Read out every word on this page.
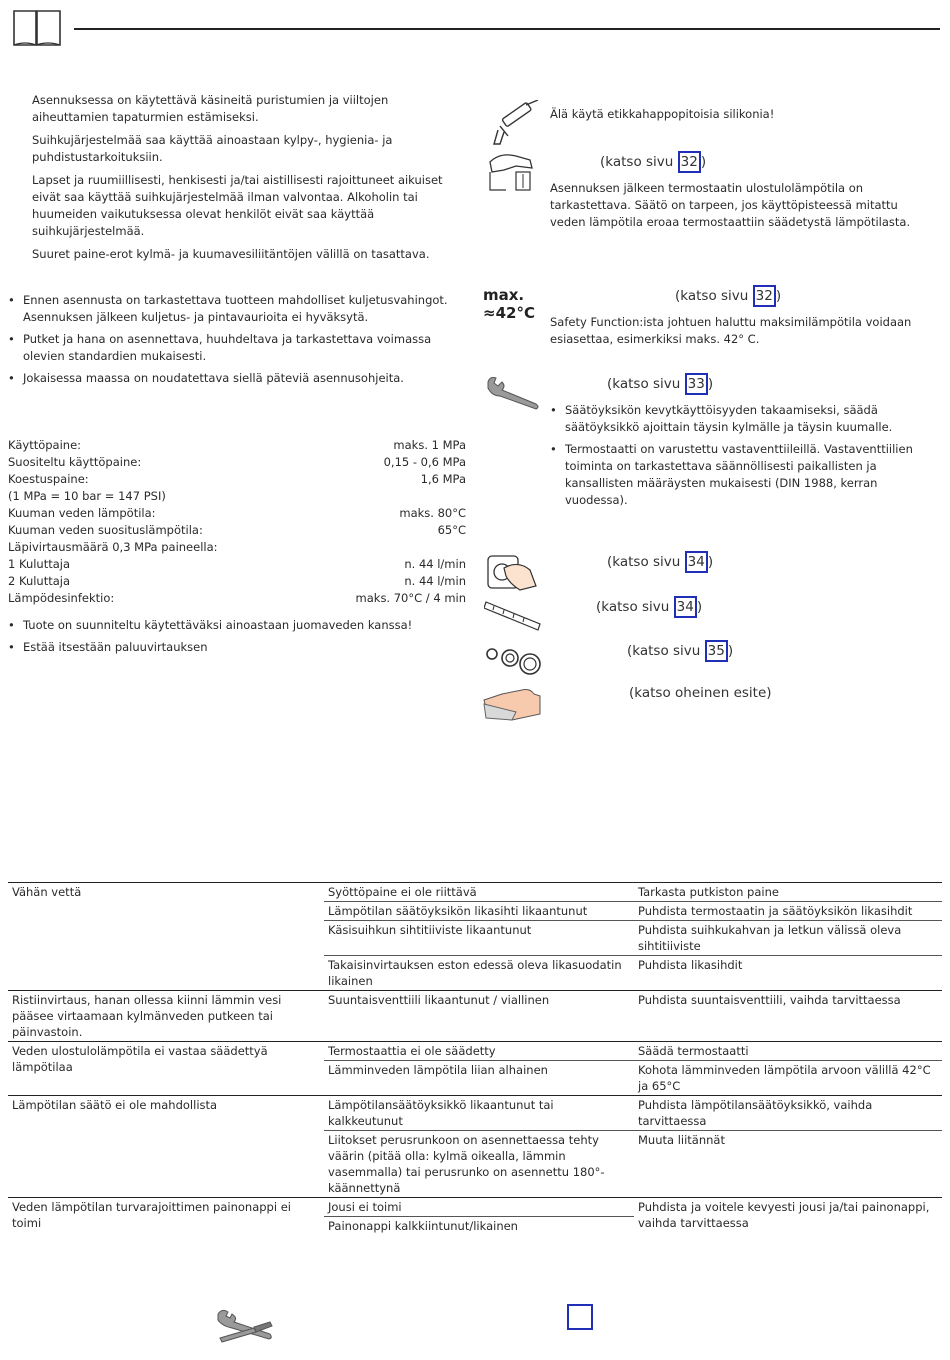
Asennuksessa on käytettävä käsineitä puristumien ja viiltojen aiheuttamien tapaturmien estämiseksi.

Suihkujärjestelmää saa käyttää ainoastaan kylpy-, hygienia- ja puhdistustarkoituksiin.

Lapset ja ruumiillisesti, henkisesti ja/tai aistillisesti rajoittuneet aikuiset eivät saa käyttää suihkujärjestelmää ilman valvontaa. Alkoholin tai huumeiden vaikutuksessa olevat henkilöt eivät saa käyttää suihkujärjestelmää.

Suuret paine-erot kylmä- ja kuumavesiliitäntöjen välillä on tasattava.

• Ennen asennusta on tarkastettava tuotteen mahdolliset kuljetusvahingot. Asennuksen jälkeen kuljetus- ja pintavaurioita ei hyväksytä.
• Putket ja hana on asennettava, huuhdeltava ja tarkastettava voimassa olevien standardien mukaisesti.
• Jokaisessa maassa on noudatettava siellä päteviä asennusohjeita.
Käyttöpaine:	maks. 1 MPa
Suositeltu käyttöpaine:	0,15 - 0,6 MPa
Koestuspaine:	1,6 MPa
(1 MPa = 10 bar = 147 PSI)
Kuuman veden lämpötila:	maks. 80°C
Kuuman veden suosituslämpötila:	65°C
Läpivirtausmäärä 0,3 MPa paineella:
1 Kuluttaja	n. 44 l/min
2 Kuluttaja	n. 44 l/min
Lämpödesinfektio:	maks. 70°C / 4 min
• Tuote on suunniteltu käytettäväksi ainoastaan juomaveden kanssa!
• Estää itsestään paluuvirtauksen
Älä käytä etikkahappopitoisia silikonia!
(katso sivu 32 )
Asennuksen jälkeen termostaatin ulostulolämpötila on tarkastettava. Säätö on tarpeen, jos käyttöpisteessä mitattu veden lämpötila eroaa termostaattiin säädetystä lämpötilasta.
max.
≈42°C
(katso sivu 32 )
Safety Function:ista johtuen haluttu maksimilämpötila voidaan esiasettaa, esimerkiksi maks. 42° C.
(katso sivu 33 )
• Säätöyksikön kevytkäyttöisyyden takaamiseksi, säädä säätöyksikkö ajoittain täysin kylmälle ja täysin kuumalle.
• Termostaatti on varustettu vastaventtiileillä. Vastaventtiilien toiminta on tarkastettava säännöllisesti paikallisten ja kansallisten määräysten mukaisesti (DIN 1988, kerran vuodessa).
(katso sivu 34 )
(katso sivu 34 )
(katso sivu 35 )
(katso oheinen esite)
Vähän vettä	Syöttöpaine ei ole riittävä	Tarkasta putkiston paine
	Lämpötilan säätöyksikön likasihti likaantunut	Puhdista termostaatin ja säätöyksikön likasihdit
	Käsisuihkun sihtitiiviste likaantunut	Puhdista suihkukahvan ja letkun välissä oleva sihtitiiviste
	Takaisinvirtauksen eston edessä oleva likasuodatin likainen	Puhdista likasihdit
Ristiinvirtaus, hanan ollessa kiinni lämmin vesi pääsee virtaamaan kylmänveden putkeen tai päinvastoin.	Suuntaisventtiili likaantunut / viallinen	Puhdista suuntaisventtiili, vaihda tarvittaessa
Veden ulostulolämpötila ei vastaa säädettyä lämpötilaa	Termostaattia ei ole säädetty	Säädä termostaatti
	Lämminveden lämpötila liian alhainen	Kohota lämminveden lämpötila arvoon välillä 42°C ja 65°C
Lämpötilan säätö ei ole mahdollista	Lämpötilansäätöyksikkö likaantunut tai kalkkeutunut	Puhdista lämpötilansäätöyksikkö, vaihda tarvittaessa
	Liitokset perusrunkoon on asennettaessa tehty väärin (pitää olla: kylmä oikealla, lämmin vasemmalla) tai perusrunko on asennettu 180°-käännettynä	Muuta liitännät
Veden lämpötilan turvarajoittimen painonappi ei toimi	Jousi ei toimi	Puhdista ja voitele kevyesti jousi ja/tai painonappi, vaihda tarvittaessa
	Painonappi kalkkiintunut/likainen	
